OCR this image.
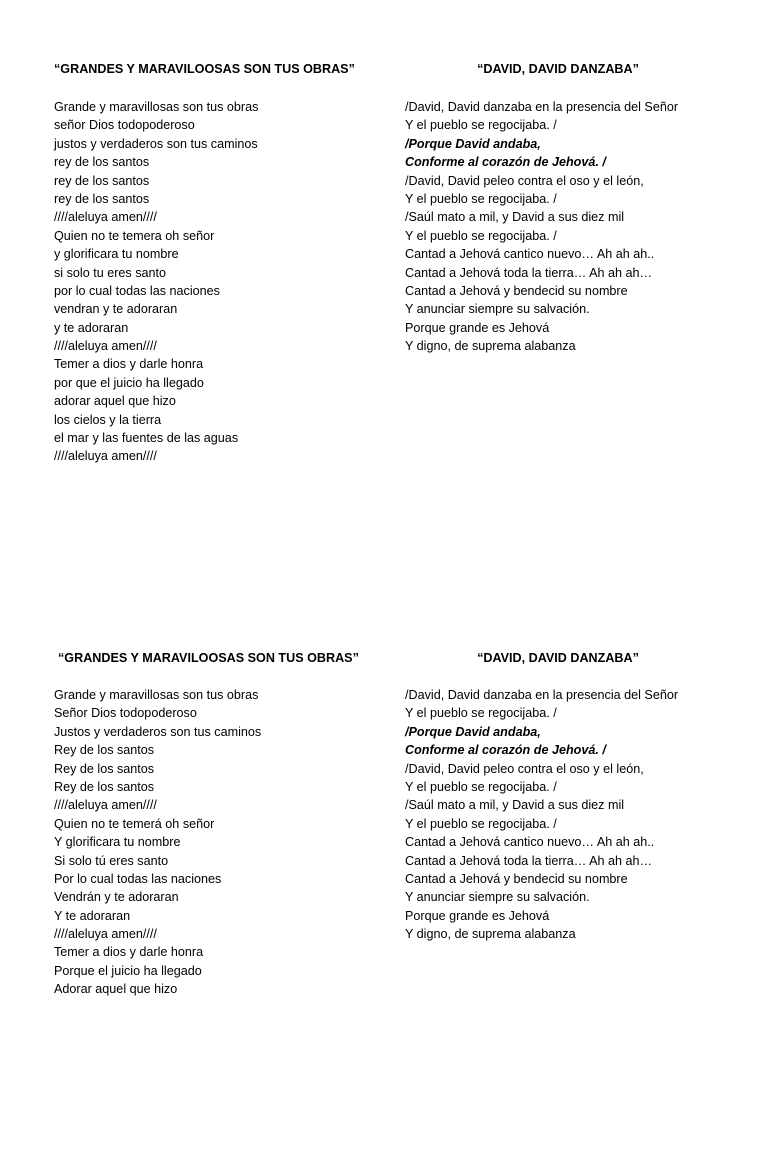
“GRANDES Y MARAVILOOSAS SON TUS OBRAS”
Grande y maravillosas son tus obras
señor Dios todopoderoso
justos y verdaderos son tus caminos
rey de los santos
rey de los santos
rey de los santos
////aleluya amen////
Quien no te temera oh señor
y glorificara tu nombre
si solo tu eres santo
por lo cual todas las naciones
vendran y te adoraran
y te adoraran
////aleluya amen////
Temer a dios y darle honra
por que el juicio ha llegado
adorar aquel que hizo
los cielos y la tierra
el mar y las fuentes de las aguas
////aleluya amen////
“DAVID, DAVID DANZABA”
/David, David danzaba en la presencia del Señor
Y el pueblo se regocijaba. /
/Porque David andaba,
Conforme al corazón de Jehová. /
/David, David peleo contra el oso y el león,
Y el pueblo se regocijaba. /
/Saúl mato a mil, y David a sus diez mil
Y el pueblo se regocijaba. /
Cantad a Jehová cantico nuevo… Ah ah ah..
Cantad a Jehová toda la tierra… Ah ah ah…
Cantad a Jehová y bendecid su nombre
Y anunciar siempre su salvación.
Porque grande es Jehová
Y digno, de suprema alabanza
“GRANDES Y MARAVILOOSAS SON TUS OBRAS”
Grande y maravillosas son tus obras
Señor Dios todopoderoso
Justos y verdaderos son tus caminos
Rey de los santos
Rey de los santos
Rey de los santos
////aleluya amen////
Quien no te temerá oh señor
Y glorificara tu nombre
Si solo tú eres santo
Por lo cual todas las naciones
Vendrán y te adoraran
Y te adoraran
////aleluya amen////
Temer a dios y darle honra
Porque el juicio ha llegado
Adorar aquel que hizo
“DAVID, DAVID DANZABA”
/David, David danzaba en la presencia del Señor
Y el pueblo se regocijaba. /
/Porque David andaba,
Conforme al corazón de Jehová. /
/David, David peleo contra el oso y el león,
Y el pueblo se regocijaba. /
/Saúl mato a mil, y David a sus diez mil
Y el pueblo se regocijaba. /
Cantad a Jehová cantico nuevo… Ah ah ah..
Cantad a Jehová toda la tierra… Ah ah ah…
Cantad a Jehová y bendecid su nombre
Y anunciar siempre su salvación.
Porque grande es Jehová
Y digno, de suprema alabanza
